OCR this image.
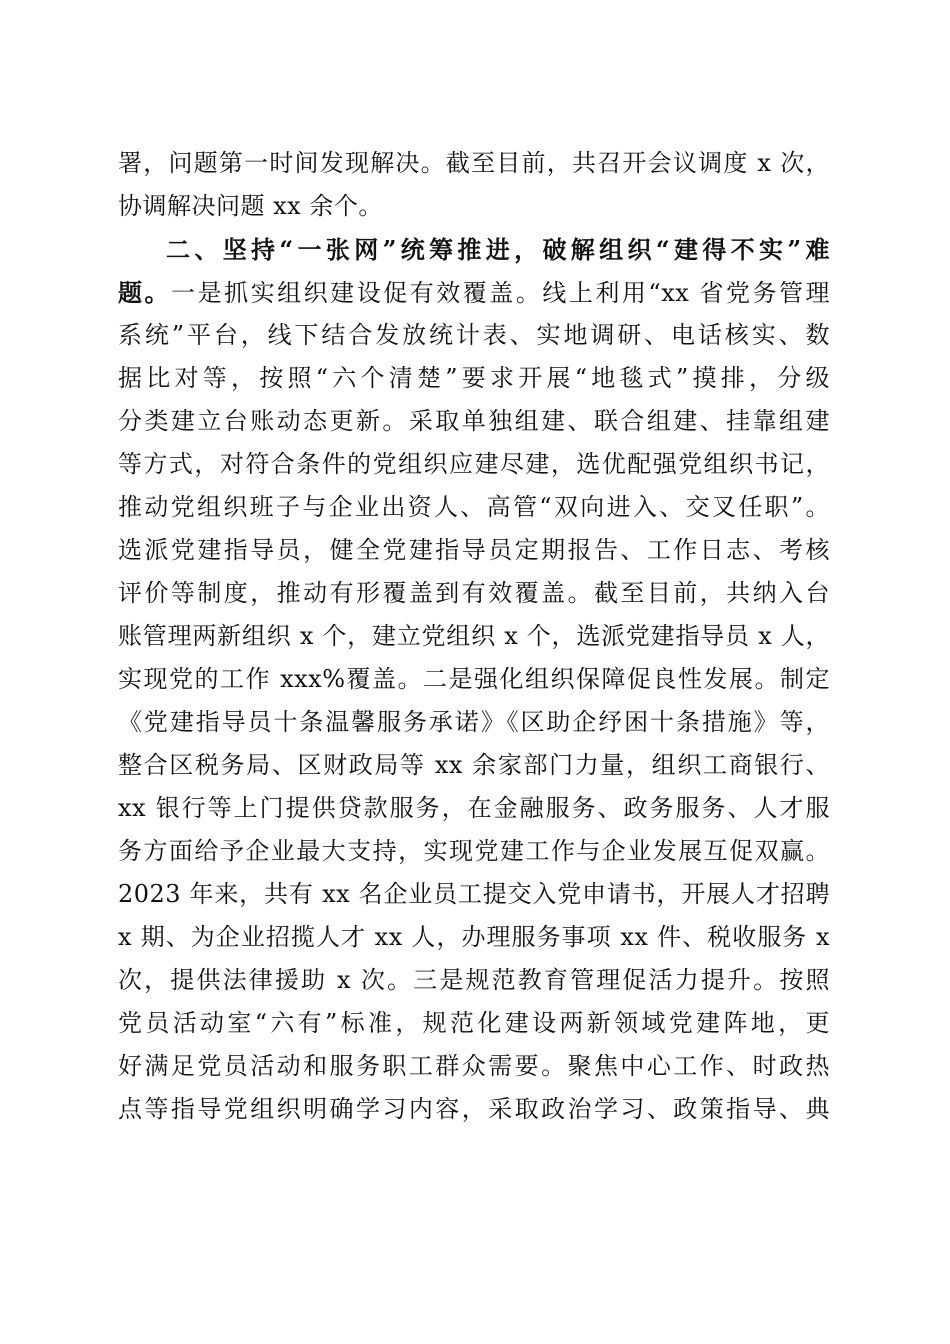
署，问题第一时间发现解决。截至目前，共召开会议调度 x 次，
协调解决问题 xx 余个。
二、坚持“一张网”统筹推进，破解组织“建得不实”难
题。一是抓实组织建设促有效覆盖。线上利用“xx 省党务管理
系统”平台，线下结合发放统计表、实地调研、电话核实、数
据比对等，按照“六个清楚”要求开展“地毯式”摸排，分级
分类建立台账动态更新。采取单独组建、联合组建、挂靠组建
等方式，对符合条件的党组织应建尽建，选优配强党组织书记，
推动党组织班子与企业出资人、高管“双向进入、交叉任职”。
选派党建指导员，健全党建指导员定期报告、工作日志、考核
评价等制度，推动有形覆盖到有效覆盖。截至目前，共纳入台
账管理两新组织 x 个，建立党组织 x 个，选派党建指导员 x 人，
实现党的工作 xxx%覆盖。二是强化组织保障促良性发展。制定
《党建指导员十条温馨服务承诺》《区助企纾困十条措施》等，
整合区税务局、区财政局等 xx 余家部门力量，组织工商银行、
xx 银行等上门提供贷款服务，在金融服务、政务服务、人才服
务方面给予企业最大支持，实现党建工作与企业发展互促双赢。
2023 年来，共有 xx 名企业员工提交入党申请书，开展人才招聘
x 期、为企业招揽人才 xx 人，办理服务事项 xx 件、税收服务 x
次，提供法律援助 x 次。三是规范教育管理促活力提升。按照
党员活动室“六有”标准，规范化建设两新领域党建阵地，更
好满足党员活动和服务职工群众需要。聚焦中心工作、时政热
点等指导党组织明确学习内容，采取政治学习、政策指导、典
